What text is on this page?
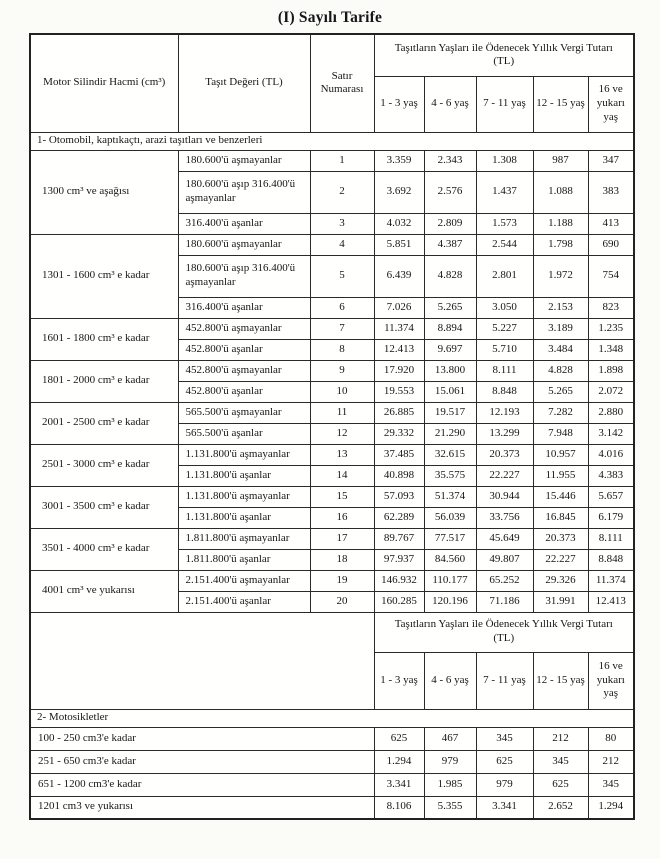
(I) Sayılı Tarife
Motor Silindir Hacmi (cm³)	Taşıt Değeri (TL)	Satır Numarası	Taşıtların Yaşları ile Ödenecek Yıllık Vergi Tutarı
(TL)				

			1 - 3 yaş	4 - 6 yaş	7 - 11 yaş	12 - 15 yaş	16 ve yukarı yaş
1- Otomobil, kaptıkaçtı, arazi taşıtları ve benzerleri							
1300 cm³ ve aşağısı	180.600'ü aşmayanlar	1	3.359	2.343	1.308	987	347
	180.600'ü aşıp 316.400'ü aşmayanlar	2	3.692	2.576	1.437	1.088	383
	316.400'ü aşanlar	3	4.032	2.809	1.573	1.188	413
1301 - 1600 cm³ e kadar	180.600'ü aşmayanlar	4	5.851	4.387	2.544	1.798	690
	180.600'ü aşıp 316.400'ü aşmayanlar	5	6.439	4.828	2.801	1.972	754
	316.400'ü aşanlar	6	7.026	5.265	3.050	2.153	823
1601 - 1800 cm³ e kadar	452.800'ü aşmayanlar	7	11.374	8.894	5.227	3.189	1.235
	452.800'ü aşanlar	8	12.413	9.697	5.710	3.484	1.348
1801 - 2000 cm³ e kadar	452.800'ü aşmayanlar	9	17.920	13.800	8.111	4.828	1.898
	452.800'ü aşanlar	10	19.553	15.061	8.848	5.265	2.072
2001 - 2500 cm³ e kadar	565.500'ü aşmayanlar	11	26.885	19.517	12.193	7.282	2.880
	565.500'ü aşanlar	12	29.332	21.290	13.299	7.948	3.142
2501 - 3000 cm³ e kadar	1.131.800'ü aşmayanlar	13	37.485	32.615	20.373	10.957	4.016
	1.131.800'ü aşanlar	14	40.898	35.575	22.227	11.955	4.383
3001 - 3500 cm³ e kadar	1.131.800'ü aşmayanlar	15	57.093	51.374	30.944	15.446	5.657
	1.131.800'ü aşanlar	16	62.289	56.039	33.756	16.845	6.179
3501 - 4000 cm³ e kadar	1.811.800'ü aşmayanlar	17	89.767	77.517	45.649	20.373	8.111
	1.811.800'ü aşanlar	18	97.937	84.560	49.807	22.227	8.848
4001 cm³ ve yukarısı	2.151.400'ü aşmayanlar	19	146.932	110.177	65.252	29.326	11.374
	2.151.400'ü aşanlar	20	160.285	120.196	71.186	31.991	12.413

			Taşıtların Yaşları ile Ödenecek Yıllık Vergi Tutarı
(TL)				

			1 - 3 yaş	4 - 6 yaş	7 - 11 yaş	12 - 15 yaş	16 ve yukarı yaş
2- Motosikletler							
100 - 250 cm3'e kadar			625	467	345	212	80
251 - 650 cm3'e kadar			1.294	979	625	345	212
651 - 1200 cm3'e kadar			3.341	1.985	979	625	345
1201 cm3 ve yukarısı			8.106	5.355	3.341	2.652	1.294
